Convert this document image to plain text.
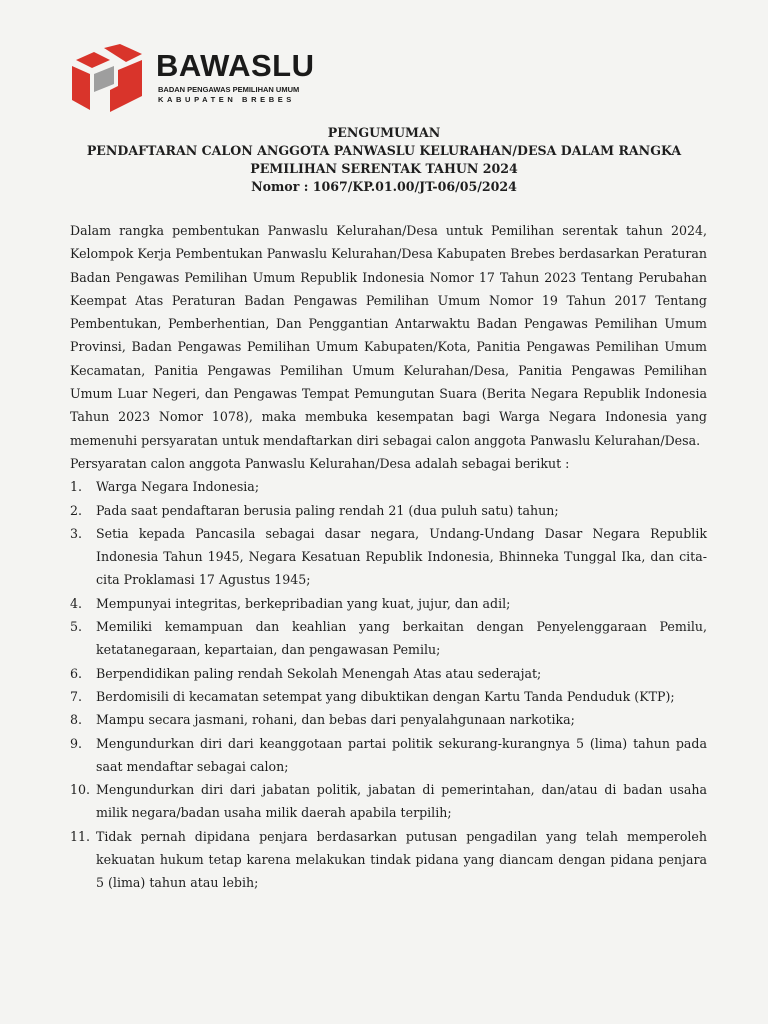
BAWASLU
BADAN PENGAWAS PEMILIHAN UMUM
KABUPATEN BREBES
PENGUMUMAN
PENDAFTARAN CALON ANGGOTA PANWASLU KELURAHAN/DESA DALAM RANGKA
PEMILIHAN SERENTAK TAHUN 2024
Nomor : 1067/KP.01.00/JT-06/05/2024

Dalam rangka pembentukan Panwaslu Kelurahan/Desa untuk Pemilihan serentak tahun 2024, Kelompok Kerja Pembentukan Panwaslu Kelurahan/Desa Kabupaten Brebes berdasarkan Peraturan Badan Pengawas Pemilihan Umum Republik Indonesia Nomor 17 Tahun 2023 Tentang Perubahan Keempat Atas Peraturan Badan Pengawas Pemilihan Umum Nomor 19 Tahun 2017 Tentang Pembentukan, Pemberhentian, Dan Penggantian Antarwaktu Badan Pengawas Pemilihan Umum Provinsi, Badan Pengawas Pemilihan Umum Kabupaten/Kota, Panitia Pengawas Pemilihan Umum Kecamatan, Panitia Pengawas Pemilihan Umum Kelurahan/Desa, Panitia Pengawas Pemilihan Umum Luar Negeri, dan Pengawas Tempat Pemungutan Suara (Berita Negara Republik Indonesia Tahun 2023 Nomor 1078), maka membuka kesempatan bagi Warga Negara Indonesia yang memenuhi persyaratan untuk mendaftarkan diri sebagai calon anggota Panwaslu Kelurahan/Desa.

Persyaratan calon anggota Panwaslu Kelurahan/Desa adalah sebagai berikut :

1.	Warga Negara Indonesia;
2.	Pada saat pendaftaran berusia paling rendah 21 (dua puluh satu) tahun;
3.	Setia kepada Pancasila sebagai dasar negara, Undang-Undang Dasar Negara Republik Indonesia Tahun 1945, Negara Kesatuan Republik Indonesia, Bhinneka Tunggal Ika, dan cita-cita Proklamasi 17 Agustus 1945;
4.	Mempunyai integritas, berkepribadian yang kuat, jujur, dan adil;
5.	Memiliki kemampuan dan keahlian yang berkaitan dengan Penyelenggaraan Pemilu, ketatanegaraan, kepartaian, dan pengawasan Pemilu;
6.	Berpendidikan paling rendah Sekolah Menengah Atas atau sederajat;
7.	Berdomisili di kecamatan setempat yang dibuktikan dengan Kartu Tanda Penduduk (KTP);
8.	Mampu secara jasmani, rohani, dan bebas dari penyalahgunaan narkotika;
9.	Mengundurkan diri dari keanggotaan partai politik sekurang-kurangnya 5 (lima) tahun pada saat mendaftar sebagai calon;
10. Mengundurkan diri dari jabatan politik, jabatan di pemerintahan, dan/atau di badan usaha milik negara/badan usaha milik daerah apabila terpilih;
11. Tidak pernah dipidana penjara berdasarkan putusan pengadilan yang telah memperoleh kekuatan hukum tetap karena melakukan tindak pidana yang diancam dengan pidana penjara 5 (lima) tahun atau lebih;
